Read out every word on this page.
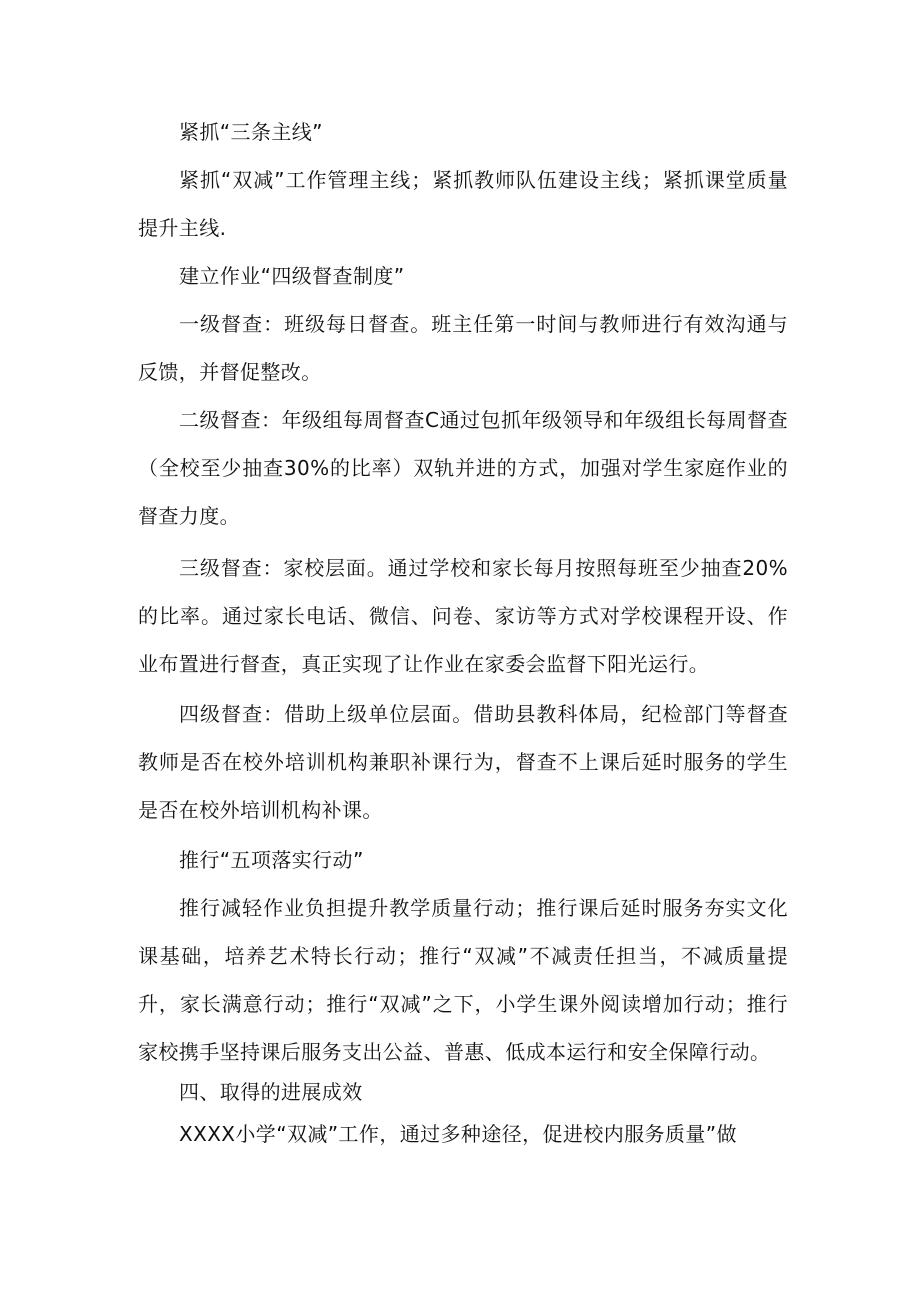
紧抓“三条主线”

紧抓“双减”工作管理主线；紧抓教师队伍建设主线；紧抓课堂质量提升主线.

建立作业“四级督查制度”

一级督查：班级每日督查。班主任第一时间与教师进行有效沟通与反馈，并督促整改。

二级督查：年级组每周督查C通过包抓年级领导和年级组长每周督查（全校至少抽查30%的比率）双轨并进的方式，加强对学生家庭作业的督查力度。

三级督查：家校层面。通过学校和家长每月按照每班至少抽查20%的比率。通过家长电话、微信、问卷、家访等方式对学校课程开设、作业布置进行督查，真正实现了让作业在家委会监督下阳光运行。

四级督查：借助上级单位层面。借助县教科体局，纪检部门等督查教师是否在校外培训机构兼职补课行为，督查不上课后延时服务的学生是否在校外培训机构补课。

推行“五项落实行动”

推行减轻作业负担提升教学质量行动；推行课后延时服务夯实文化课基础，培养艺术特长行动；推行“双减”不减责任担当，不减质量提升，家长满意行动；推行“双减”之下，小学生课外阅读增加行动；推行家校携手坚持课后服务支出公益、普惠、低成本运行和安全保障行动。

四、取得的进展成效

XXXX小学“双减”工作，通过多种途径，促进校内服务质量”做
